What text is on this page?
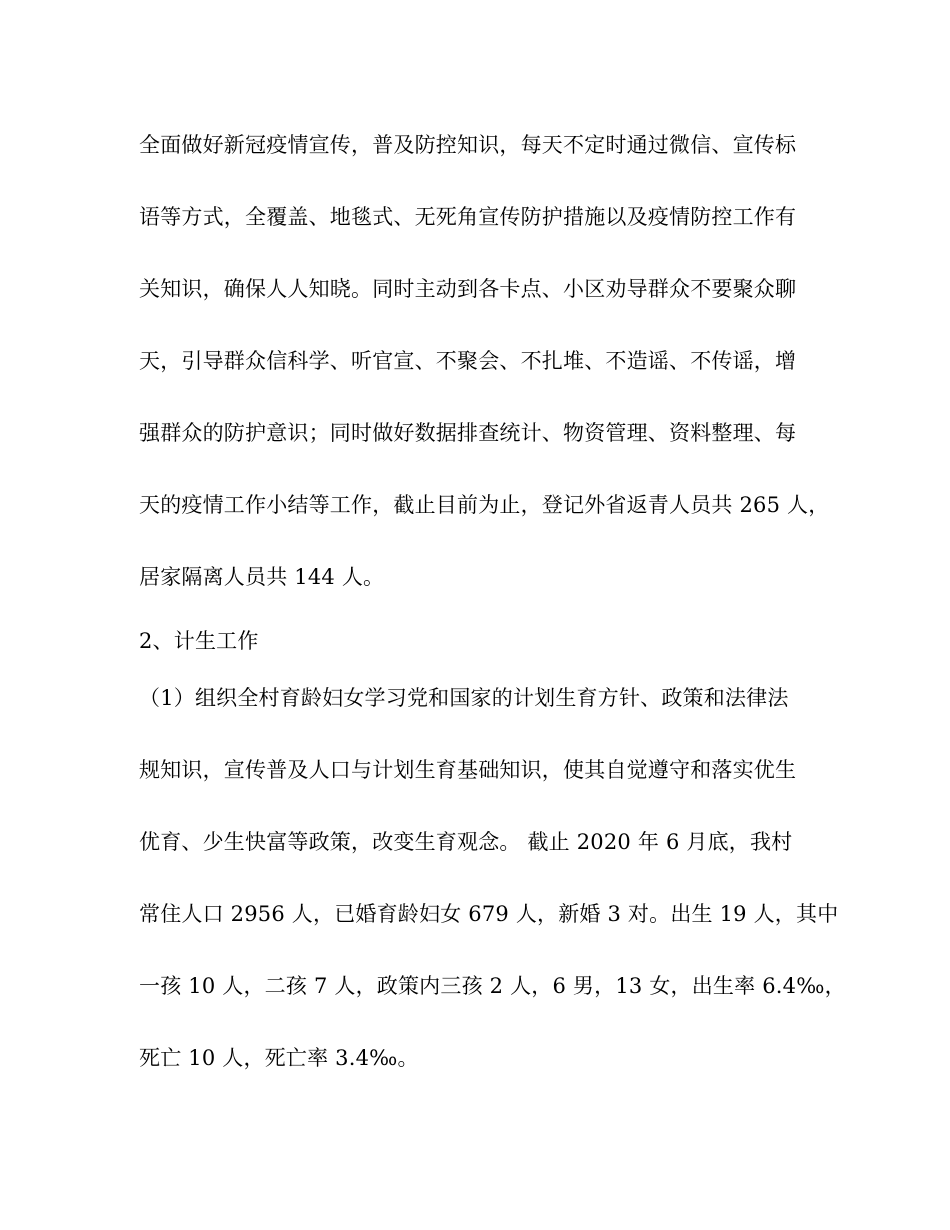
全面做好新冠疫情宣传，普及防控知识，每天不定时通过微信、宣传标
语等方式，全覆盖、地毯式、无死角宣传防护措施以及疫情防控工作有
关知识，确保人人知晓。同时主动到各卡点、小区劝导群众不要聚众聊
天，引导群众信科学、听官宣、不聚会、不扎堆、不造谣、不传谣，增
强群众的防护意识；同时做好数据排查统计、物资管理、资料整理、每
天的疫情工作小结等工作，截止目前为止，登记外省返青人员共 265 人，
居家隔离人员共 144 人。
2、计生工作
（1）组织全村育龄妇女学习党和国家的计划生育方针、政策和法律法
规知识，宣传普及人口与计划生育基础知识，使其自觉遵守和落实优生
优育、少生快富等政策，改变生育观念。 截止 2020 年 6 月底，我村
常住人口 2956 人，已婚育龄妇女 679 人，新婚 3 对。出生 19 人，其中
一孩 10 人，二孩 7 人，政策内三孩 2 人，6 男，13 女，出生率 6.4‰，
死亡 10 人，死亡率 3.4‰。
